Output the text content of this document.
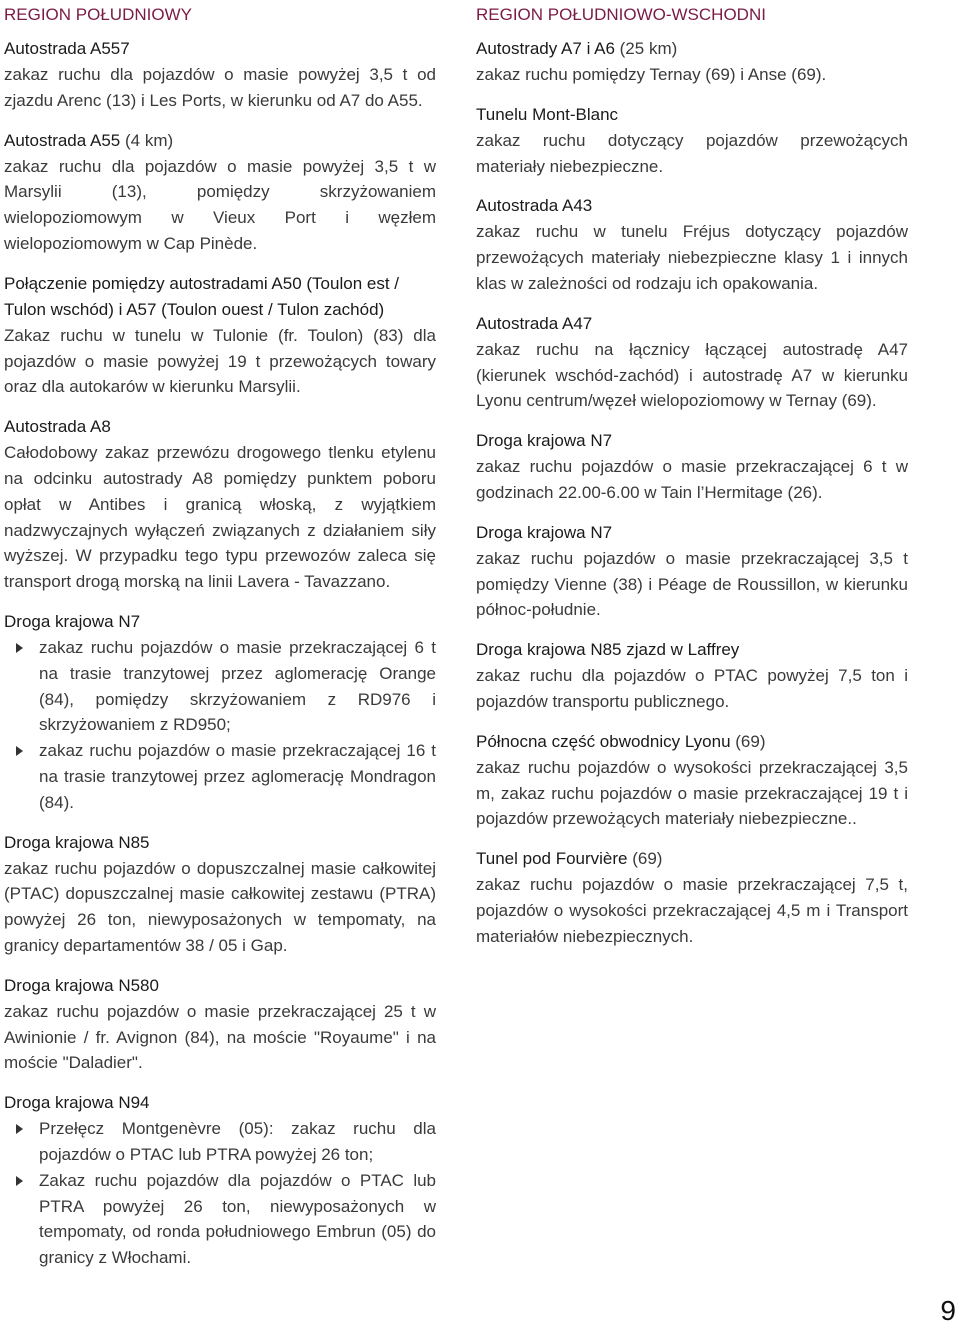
REGION POŁUDNIOWY
Autostrada A557
zakaz ruchu dla pojazdów o masie powyżej 3,5 t od zjazdu Arenc (13) i Les Ports, w kierunku od A7 do A55.
Autostrada A55 (4 km)
zakaz ruchu dla pojazdów o masie powyżej 3,5 t w Marsylii (13), pomiędzy skrzyżowaniem wielopoziomowym w Vieux Port i węzłem wielopoziomowym w Cap Pinède.
Połączenie pomiędzy autostradami A50 (Toulon est / Tulon wschód) i A57 (Toulon ouest / Tulon zachód)
Zakaz ruchu w tunelu w Tulonie (fr. Toulon) (83) dla pojazdów o masie powyżej 19 t przewożących towary oraz dla autokarów w kierunku Marsylii.
Autostrada A8
Całodobowy zakaz przewózu drogowego tlenku etylenu na odcinku autostrady A8 pomiędzy punktem poboru opłat w Antibes i granicą włoską, z wyjątkiem nadzwyczajnych wyłączeń związanych z działaniem siły wyższej. W przypadku tego typu przewozów zaleca się transport drogą morską na linii Lavera - Tavazzano.
Droga krajowa N7
zakaz ruchu pojazdów o masie przekraczającej 6 t na trasie tranzytowej przez aglomerację Orange (84), pomiędzy skrzyżowaniem z RD976 i skrzyżowaniem z RD950;
zakaz ruchu pojazdów o masie przekraczającej 16 t na trasie tranzytowej przez aglomerację Mondragon (84).
Droga krajowa N85
zakaz ruchu pojazdów o dopuszczalnej masie całkowitej (PTAC) dopuszczalnej masie całkowitej zestawu (PTRA) powyżej 26 ton, niewyposażonych w tempomaty, na granicy departamentów 38 / 05 i Gap.
Droga krajowa N580
zakaz ruchu pojazdów o masie przekraczającej 25 t w Awinionie / fr. Avignon (84), na moście "Royaume" i na moście "Daladier".
Droga krajowa N94
Przełęcz Montgenèvre (05): zakaz ruchu dla pojazdów o PTAC lub PTRA powyżej 26 ton;
Zakaz ruchu pojazdów dla pojazdów o PTAC lub PTRA powyżej 26 ton, niewyposażonych w tempomaty, od ronda południowego Embrun (05) do granicy z Włochami.
REGION POŁUDNIOWO-WSCHODNI
Autostrady A7 i A6 (25 km)
zakaz ruchu pomiędzy Ternay (69) i Anse (69).
Tunelu Mont-Blanc
zakaz ruchu dotyczący pojazdów przewożących materiały niebezpieczne.
Autostrada A43
zakaz ruchu w tunelu Fréjus dotyczący pojazdów przewożących materiały niebezpieczne klasy 1 i innych klas w zależności od rodzaju ich opakowania.
Autostrada A47
zakaz ruchu na łącznicy łączącej autostradę A47 (kierunek wschód-zachód) i autostradę A7 w kierunku Lyonu centrum/węzeł wielopoziomowy w Ternay (69).
Droga krajowa N7
zakaz ruchu pojazdów o masie przekraczającej 6 t w godzinach 22.00-6.00 w Tain l’Hermitage (26).
Droga krajowa N7
zakaz ruchu pojazdów o masie przekraczającej 3,5 t pomiędzy Vienne (38) i Péage de Roussillon, w kierunku północ-południe.
Droga krajowa N85 zjazd w Laffrey
zakaz ruchu dla pojazdów o PTAC powyżej 7,5 ton i pojazdów transportu publicznego.
Północna część obwodnicy Lyonu (69)
zakaz ruchu pojazdów o wysokości przekraczającej 3,5 m, zakaz ruchu pojazdów o masie przekraczającej 19 t i pojazdów przewożących materiały niebezpieczne..
Tunel pod Fourvière (69)
zakaz ruchu pojazdów o masie przekraczającej 7,5 t, pojazdów o wysokości przekraczającej 4,5 m i Transport materiałów niebezpiecznych.
9
